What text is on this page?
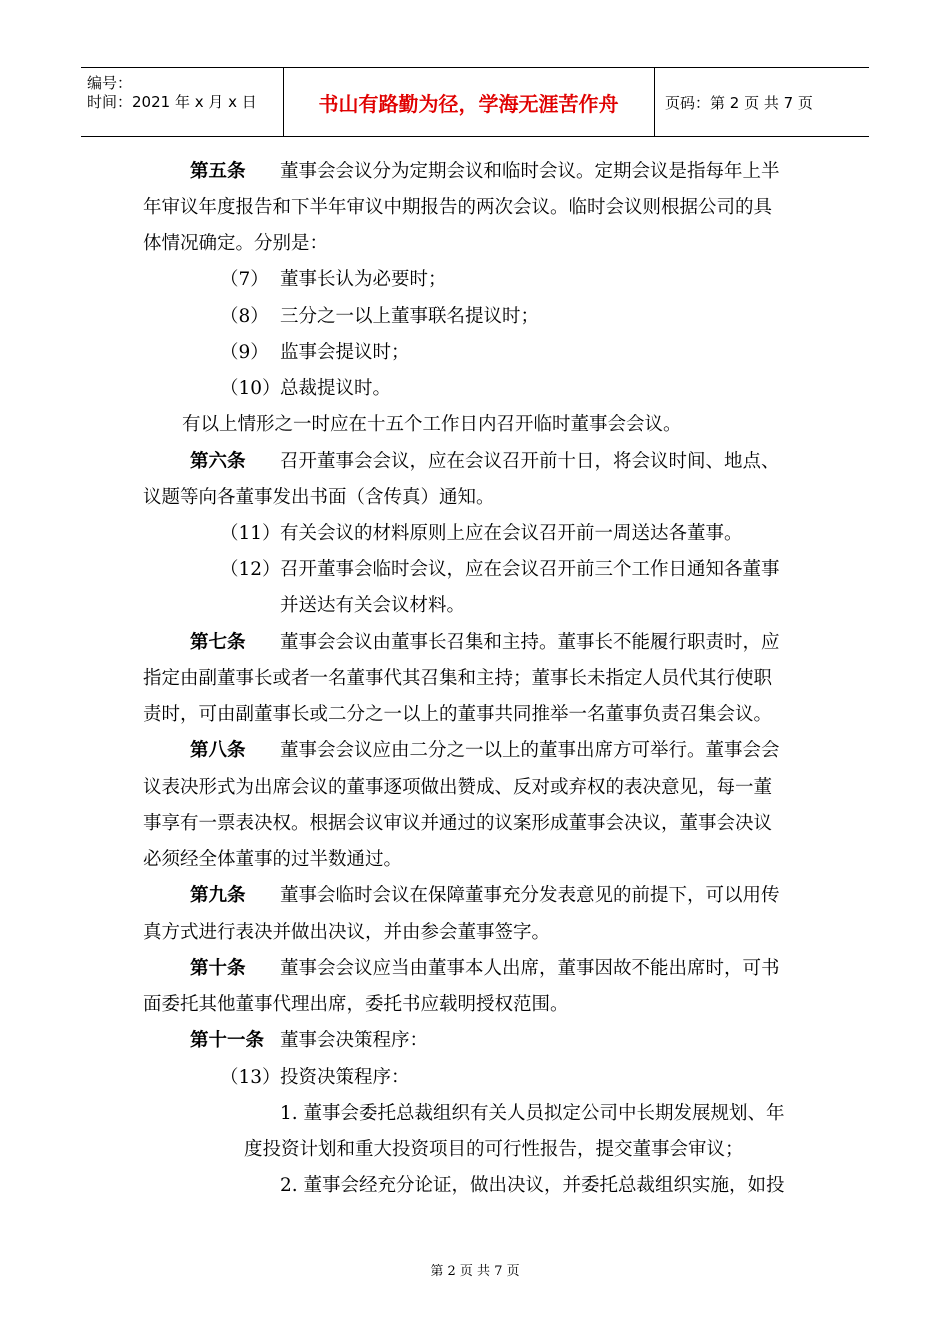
编号：
时间：2021 年 x 月 x 日	书山有路勤为径，学海无涯苦作舟	页码：第 2 页 共 7 页
第五条 董事会会议分为定期会议和临时会议。定期会议是指每年上半
年审议年度报告和下半年审议中期报告的两次会议。临时会议则根据公司的具
体情况确定。分别是：
（7） 董事长认为必要时；
（8） 三分之一以上董事联名提议时；
（9） 监事会提议时；
（10） 总裁提议时。
有以上情形之一时应在十五个工作日内召开临时董事会会议。
第六条 召开董事会会议，应在会议召开前十日，将会议时间、地点、
议题等向各董事发出书面（含传真）通知。
（11） 有关会议的材料原则上应在会议召开前一周送达各董事。
（12） 召开董事会临时会议，应在会议召开前三个工作日通知各董事
并送达有关会议材料。
第七条 董事会会议由董事长召集和主持。董事长不能履行职责时，应
指定由副董事长或者一名董事代其召集和主持；董事长未指定人员代其行使职
责时，可由副董事长或二分之一以上的董事共同推举一名董事负责召集会议。
第八条 董事会会议应由二分之一以上的董事出席方可举行。董事会会
议表决形式为出席会议的董事逐项做出赞成、反对或弃权的表决意见，每一董
事享有一票表决权。根据会议审议并通过的议案形成董事会决议，董事会决议
必须经全体董事的过半数通过。
第九条 董事会临时会议在保障董事充分发表意见的前提下，可以用传
真方式进行表决并做出决议，并由参会董事签字。
第十条 董事会会议应当由董事本人出席，董事因故不能出席时，可书
面委托其他董事代理出席，委托书应载明授权范围。
第十一条 董事会决策程序：
（13） 投资决策程序：
1. 董事会委托总裁组织有关人员拟定公司中长期发展规划、年
度投资计划和重大投资项目的可行性报告，提交董事会审议；
2. 董事会经充分论证，做出决议，并委托总裁组织实施，如投
第 2 页 共 7 页
